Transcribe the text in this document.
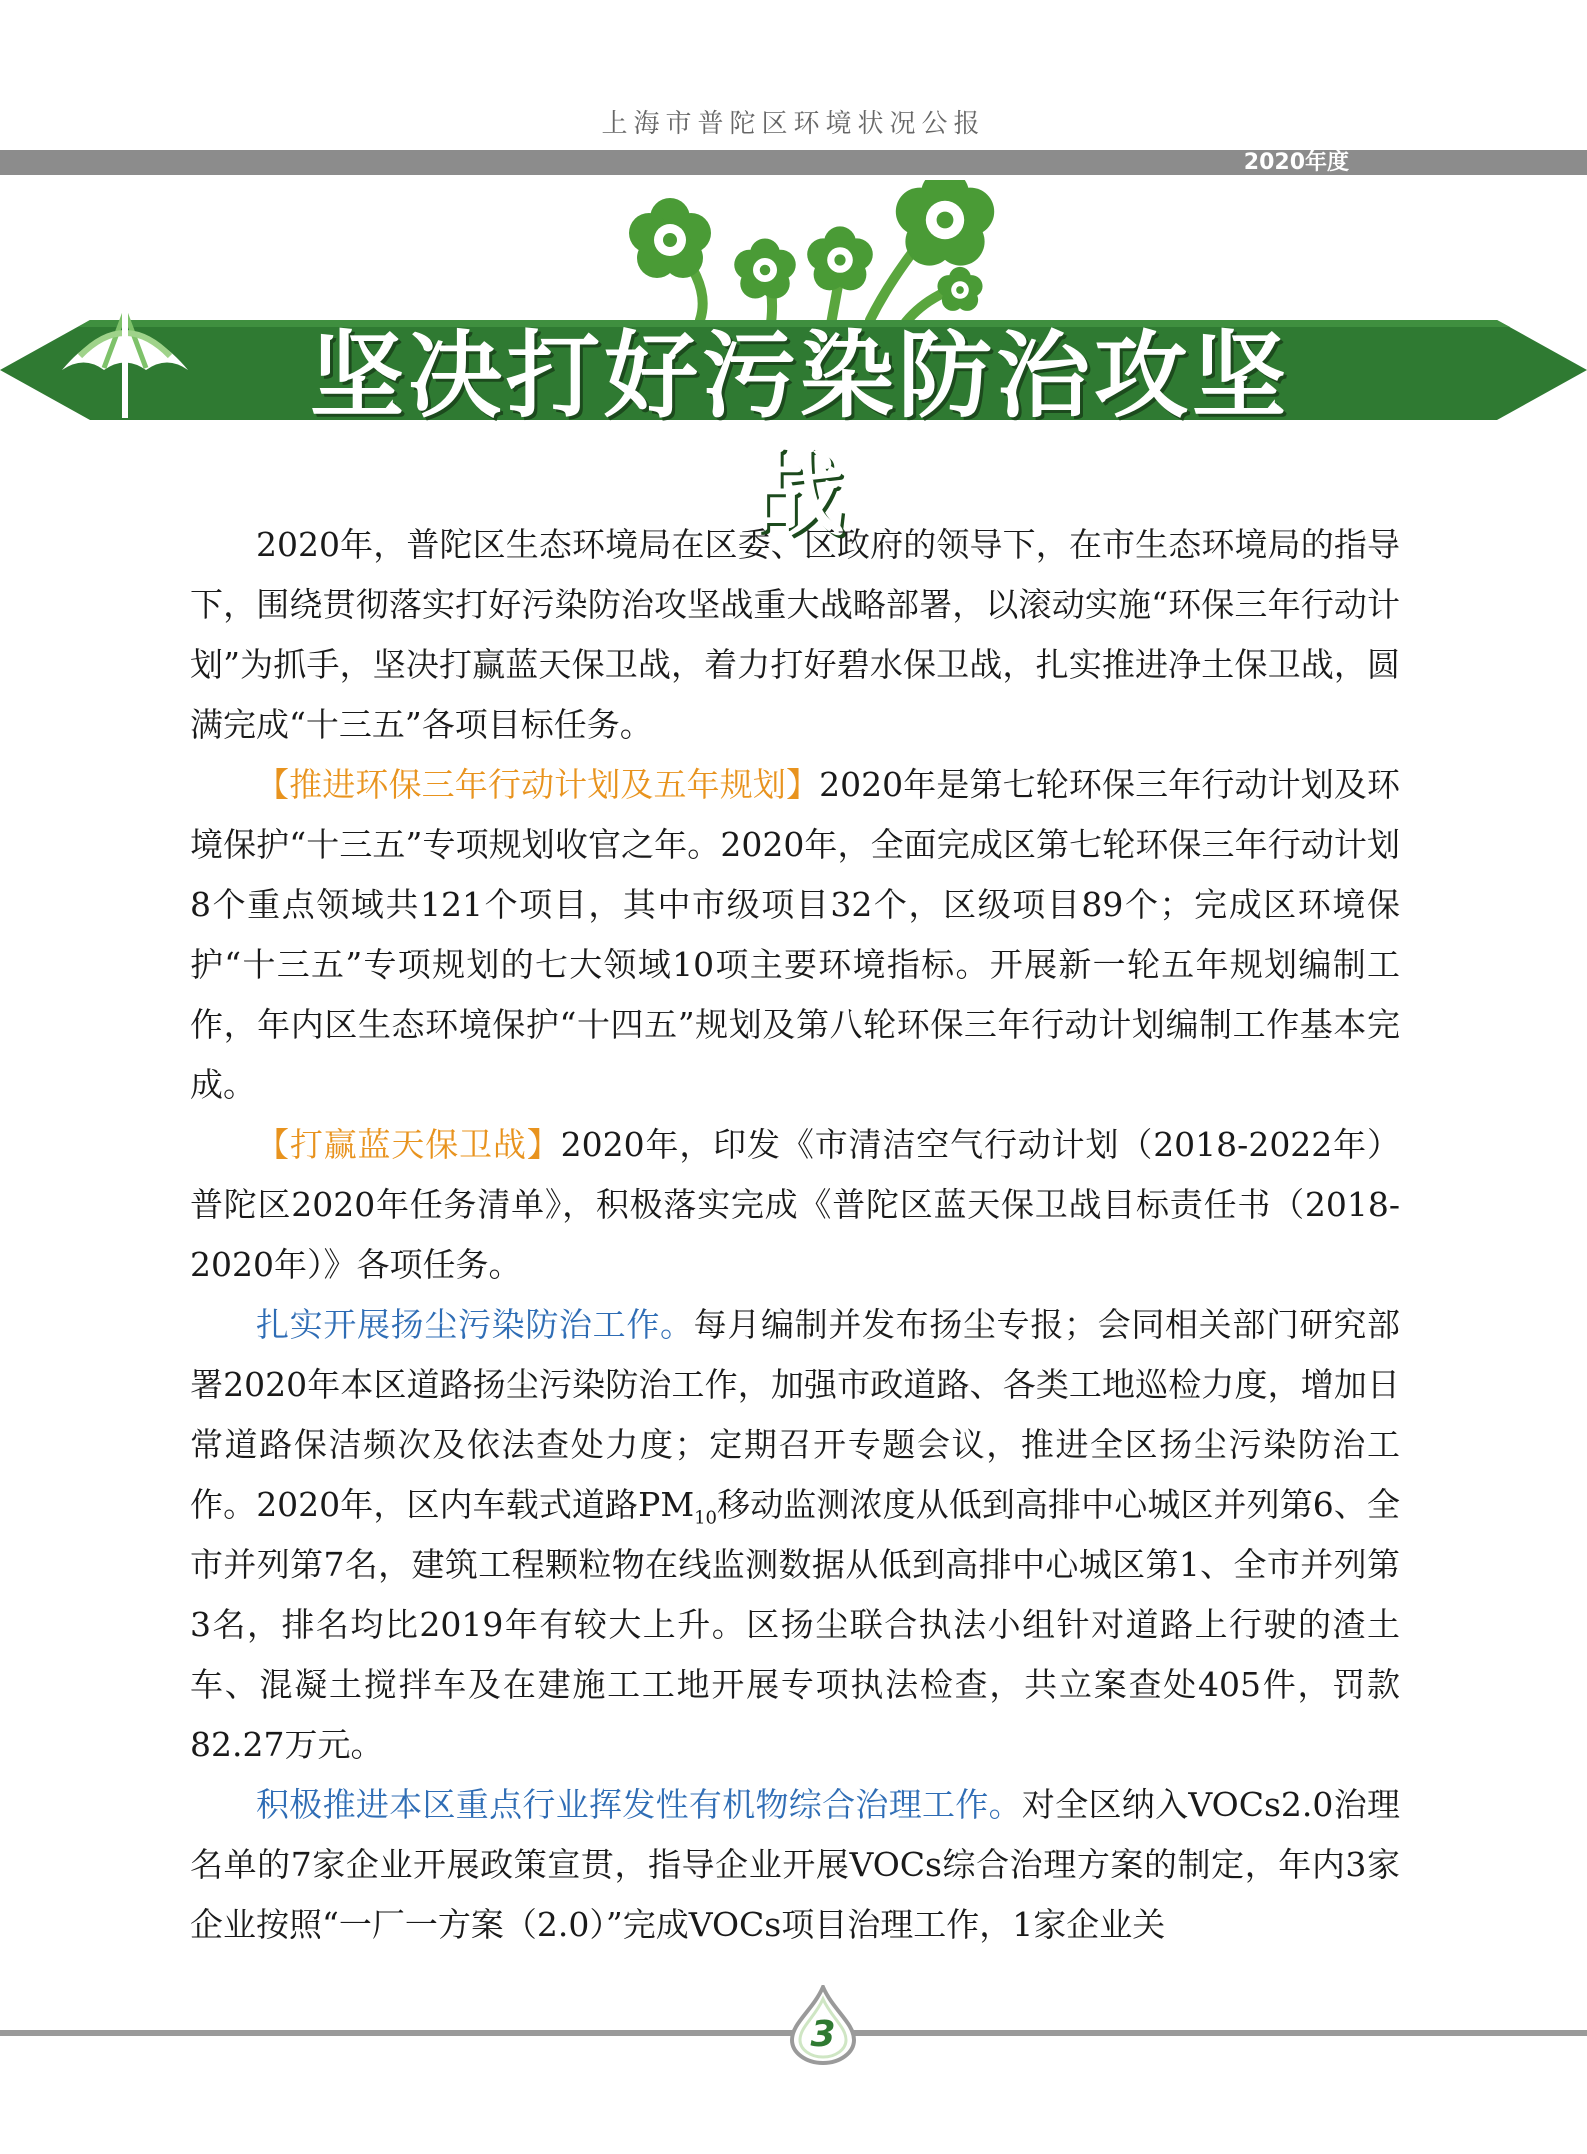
上海市普陀区环境状况公报
2020年度
坚决打好污染防治攻坚战

2020年，普陀区生态环境局在区委、区政府的领导下，在市生态环境局的指导下，围绕贯彻落实打好污染防治攻坚战重大战略部署，以滚动实施“环保三年行动计划”为抓手，坚决打赢蓝天保卫战，着力打好碧水保卫战，扎实推进净土保卫战，圆满完成“十三五”各项目标任务。

【推进环保三年行动计划及五年规划】2020年是第七轮环保三年行动计划及环境保护“十三五”专项规划收官之年。2020年，全面完成区第七轮环保三年行动计划8个重点领域共121个项目，其中市级项目32个，区级项目89个；完成区环境保护“十三五”专项规划的七大领域10项主要环境指标。开展新一轮五年规划编制工作，年内区生态环境保护“十四五”规划及第八轮环保三年行动计划编制工作基本完成。

【打赢蓝天保卫战】2020年，印发《市清洁空气行动计划（2018-2022年）普陀区2020年任务清单》，积极落实完成《普陀区蓝天保卫战目标责任书（2018-2020年）》各项任务。

扎实开展扬尘污染防治工作。每月编制并发布扬尘专报；会同相关部门研究部署2020年本区道路扬尘污染防治工作，加强市政道路、各类工地巡检力度，增加日常道路保洁频次及依法查处力度；定期召开专题会议，推进全区扬尘污染防治工作。2020年，区内车载式道路$PM_{10}$移动监测浓度从低到高排中心城区并列第6、全市并列第7名，建筑工程颗粒物在线监测数据从低到高排中心城区第1、全市并列第3名，排名均比2019年有较大上升。区扬尘联合执法小组针对道路上行驶的渣土车、混凝土搅拌车及在建施工工地开展专项执法检查，共立案查处405件，罚款82.27万元。

积极推进本区重点行业挥发性有机物综合治理工作。对全区纳入VOCs2.0治理名单的7家企业开展政策宣贯，指导企业开展VOCs综合治理方案的制定，年内3家企业按照“一厂一方案（2.0）”完成VOCs项目治理工作，1家企业关

3
